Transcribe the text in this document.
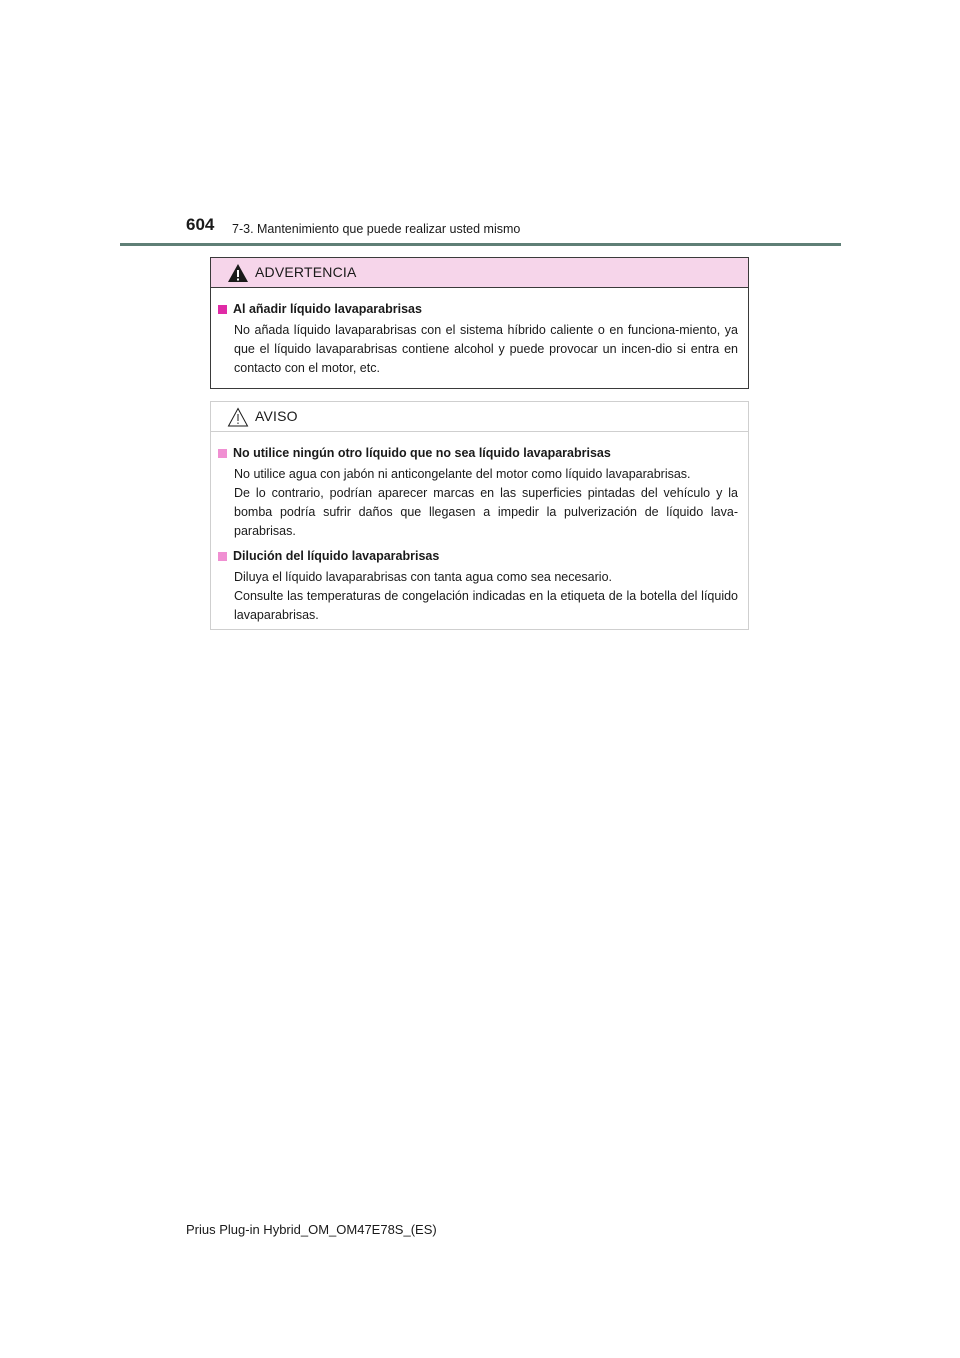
604 7-3. Mantenimiento que puede realizar usted mismo
ADVERTENCIA
Al añadir líquido lavaparabrisas

No añada líquido lavaparabrisas con el sistema híbrido caliente o en funciona-miento, ya que el líquido lavaparabrisas contiene alcohol y puede provocar un incen-dio si entra en contacto con el motor, etc.

AVISO
No utilice ningún otro líquido que no sea líquido lavaparabrisas

No utilice agua con jabón ni anticongelante del motor como líquido lavaparabrisas.

De lo contrario, podrían aparecer marcas en las superficies pintadas del vehículo y la bomba podría sufrir daños que llegasen a impedir la pulverización de líquido lava-parabrisas.

Dilución del líquido lavaparabrisas

Diluya el líquido lavaparabrisas con tanta agua como sea necesario.

Consulte las temperaturas de congelación indicadas en la etiqueta de la botella del líquido lavaparabrisas.

Prius Plug-in Hybrid_OM_OM47E78S_(ES)
